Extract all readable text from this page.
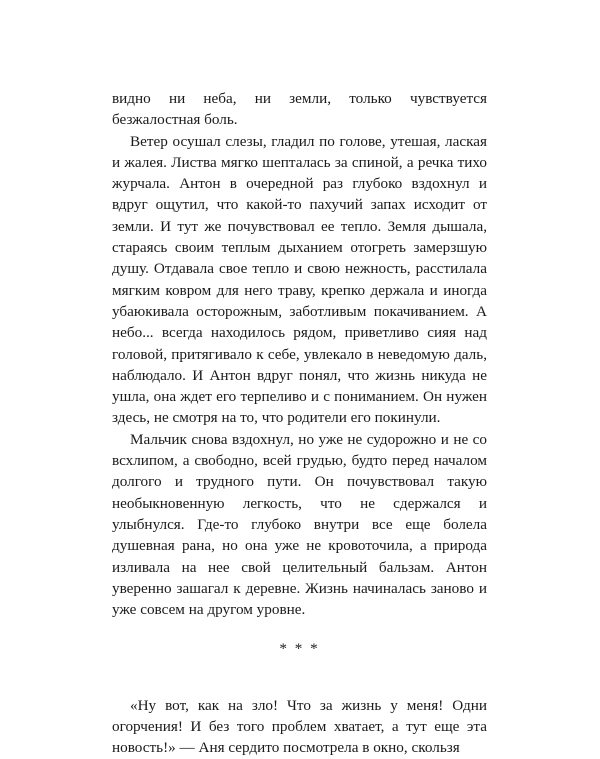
видно ни неба, ни земли, только чувствуется безжалостная боль.

Ветер осушал слезы, гладил по голове, утешая, лаская и жалея. Листва мягко шепталась за спиной, а речка тихо журчала. Антон в очередной раз глубоко вздохнул и вдруг ощутил, что какой-то пахучий запах исходит от земли. И тут же почувствовал ее тепло. Земля дышала, стараясь своим теплым дыханием отогреть замерзшую душу. Отдавала свое тепло и свою нежность, расстилала мягким ковром для него траву, крепко держала и иногда убаюкивала осторожным, заботливым покачиванием. А небо... всегда находилось рядом, приветливо сияя над головой, притягивало к себе, увлекало в неведомую даль, наблюдало. И Антон вдруг понял, что жизнь никуда не ушла, она ждет его терпеливо и с пониманием. Он нужен здесь, не смотря на то, что родители его покинули.

Мальчик снова вздохнул, но уже не судорожно и не со всхлипом, а свободно, всей грудью, будто перед началом долгого и трудного пути. Он почувствовал такую необыкновенную легкость, что не сдержался и улыбнулся. Где-то глубоко внутри все еще болела душевная рана, но она уже не кровоточила, а природа изливала на нее свой целительный бальзам. Антон уверенно зашагал к деревне. Жизнь начиналась заново и уже совсем на другом уровне.

* * *

«Ну вот, как на зло! Что за жизнь у меня! Одни огорчения! И без того проблем хватает, а тут еще эта новость!» — Аня сердито посмотрела в окно, скользя
